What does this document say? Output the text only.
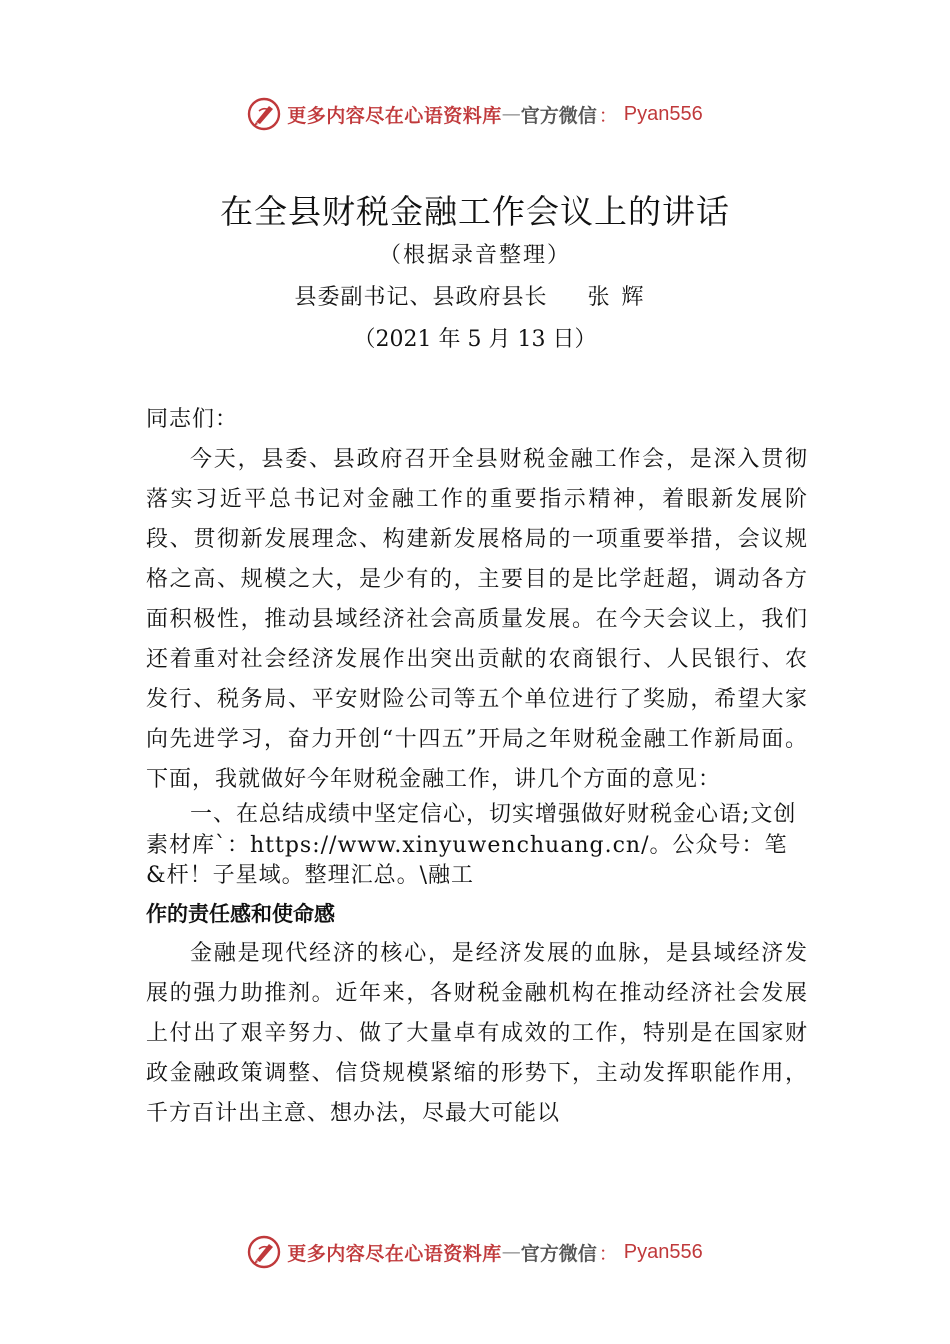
更多内容尽在心语资料库 — 官方微信 ： Pyan556
在全县财税金融工作会议上的讲话
（根据录音整理）
县委副书记、县政府县长 张辉
（2021 年 5 月 13 日）

同志们：

今天，县委、县政府召开全县财税金融工作会，是深入贯彻落实习近平总书记对金融工作的重要指示精神，着眼新发展阶段、贯彻新发展理念、构建新发展格局的一项重要举措，会议规格之高、规模之大，是少有的，主要目的是比学赶超，调动各方面积极性，推动县域经济社会高质量发展。在今天会议上，我们还着重对社会经济发展作出突出贡献的农商银行、人民银行、农发行、税务局、平安财险公司等五个单位进行了奖励，希望大家向先进学习，奋力开创“十四五”开局之年财税金融工作新局面。下面，我就做好今年财税金融工作，讲几个方面的意见：

一、在总结成绩中坚定信心，切实增强做好财税金心语;文创素材库`：https://www.xinyuwenchuang.cn/。公众号：笔&杆！子星域。整理汇总。\融工

作的责任感和使命感

金融是现代经济的核心，是经济发展的血脉，是县域经济发展的强力助推剂。近年来，各财税金融机构在推动经济社会发展上付出了艰辛努力、做了大量卓有成效的工作，特别是在国家财政金融政策调整、信贷规模紧缩的形势下，主动发挥职能作用，千方百计出主意、想办法，尽最大可能以

更多内容尽在心语资料库 — 官方微信 ： Pyan556
